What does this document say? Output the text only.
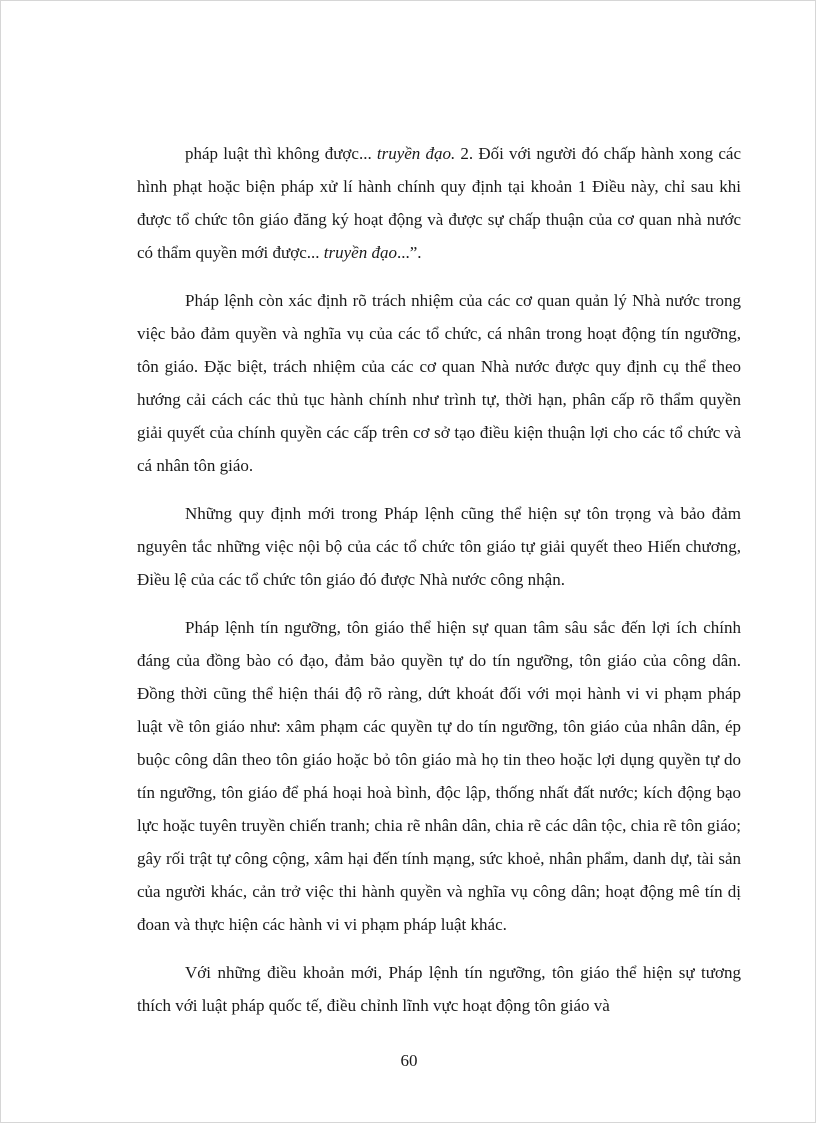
pháp luật thì không được... truyền đạo. 2. Đối với người đó chấp hành xong các hình phạt hoặc biện pháp xử lí hành chính quy định tại khoản 1 Điều này, chỉ sau khi được tổ chức tôn giáo đăng ký hoạt động và được sự chấp thuận của cơ quan nhà nước có thẩm quyền mới được... truyền đạo...”.

Pháp lệnh còn xác định rõ trách nhiệm của các cơ quan quản lý Nhà nước trong việc bảo đảm quyền và nghĩa vụ của các tổ chức, cá nhân trong hoạt động tín ngưỡng, tôn giáo. Đặc biệt, trách nhiệm của các cơ quan Nhà nước được quy định cụ thể theo hướng cải cách các thủ tục hành chính như trình tự, thời hạn, phân cấp rõ thẩm quyền giải quyết của chính quyền các cấp trên cơ sở tạo điều kiện thuận lợi cho các tổ chức và cá nhân tôn giáo.

Những quy định mới trong Pháp lệnh cũng thể hiện sự tôn trọng và bảo đảm nguyên tắc những việc nội bộ của các tổ chức tôn giáo tự giải quyết theo Hiến chương, Điều lệ của các tổ chức tôn giáo đó được Nhà nước công nhận.

Pháp lệnh tín ngưỡng, tôn giáo thể hiện sự quan tâm sâu sắc đến lợi ích chính đáng của đồng bào có đạo, đảm bảo quyền tự do tín ngưỡng, tôn giáo của công dân. Đồng thời cũng thể hiện thái độ rõ ràng, dứt khoát đối với mọi hành vi vi phạm pháp luật về tôn giáo như: xâm phạm các quyền tự do tín ngưỡng, tôn giáo của nhân dân, ép buộc công dân theo tôn giáo hoặc bỏ tôn giáo mà họ tin theo hoặc lợi dụng quyền tự do tín ngưỡng, tôn giáo để phá hoại hoà bình, độc lập, thống nhất đất nước; kích động bạo lực hoặc tuyên truyền chiến tranh; chia rẽ nhân dân, chia rẽ các dân tộc, chia rẽ tôn giáo; gây rối trật tự công cộng, xâm hại đến tính mạng, sức khoẻ, nhân phẩm, danh dự, tài sản của người khác, cản trở việc thi hành quyền và nghĩa vụ công dân; hoạt động mê tín dị đoan và thực hiện các hành vi vi phạm pháp luật khác.

Với những điều khoản mới, Pháp lệnh tín ngưỡng, tôn giáo thể hiện sự tương thích với luật pháp quốc tế, điều chỉnh lĩnh vực hoạt động tôn giáo và

60
